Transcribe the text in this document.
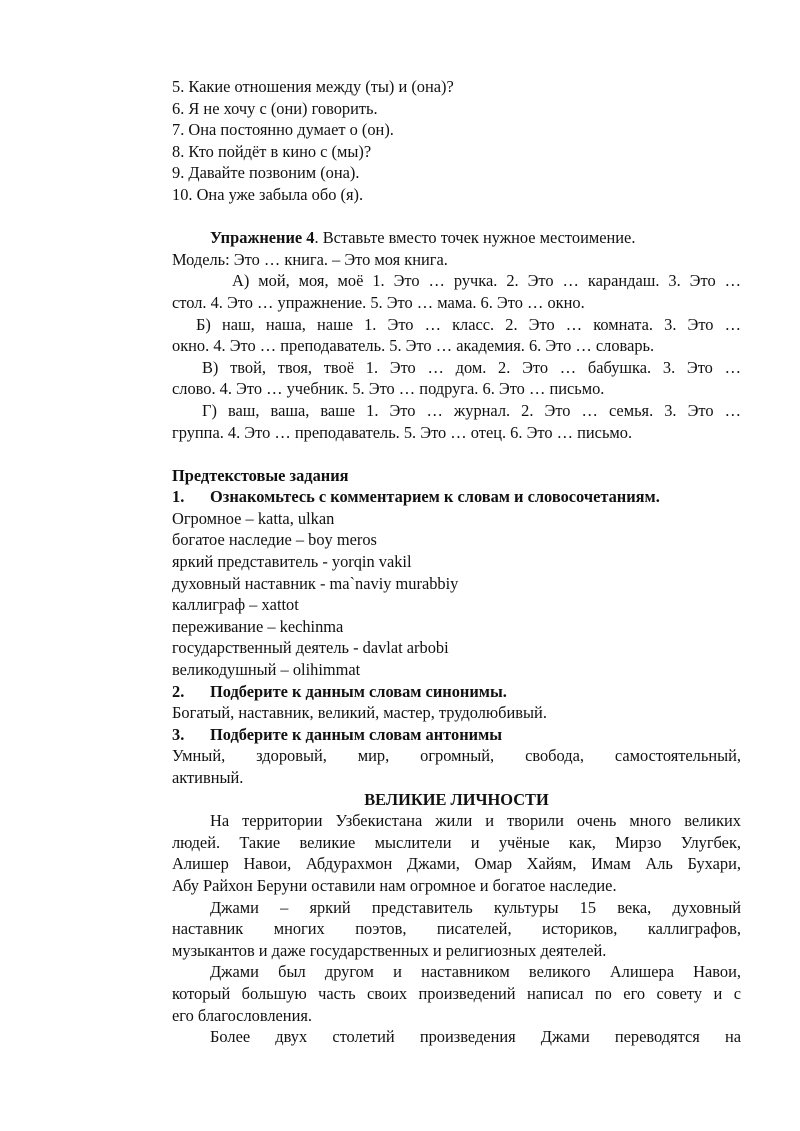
5. Какие отношения между (ты) и (она)?
6. Я не хочу с (они) говорить.
7. Она постоянно думает о (он).
8. Кто пойдёт в кино с (мы)?
9. Давайте позвоним (она).
10. Она уже забыла обо (я).
Упражнение 4. Вставьте вместо точек нужное местоимение.
Модель: Это … книга. – Это моя книга.
А) мой, моя, моё 1. Это … ручка. 2. Это … карандаш. 3. Это …
стол. 4. Это … упражнение. 5. Это … мама. 6. Это … окно.
Б) наш, наша, наше 1. Это … класс. 2. Это … комната. 3. Это …
окно. 4. Это … преподаватель. 5. Это … академия. 6. Это … словарь.
В) твой, твоя, твоё 1. Это … дом. 2. Это … бабушка. 3. Это …
слово. 4. Это … учебник. 5. Это … подруга. 6. Это … письмо.
Г) ваш, ваша, ваше 1. Это … журнал. 2. Это … семья. 3. Это …
группа. 4. Это … преподаватель. 5. Это … отец. 6. Это … письмо.
Предтекстовые задания
1. Ознакомьтесь с комментарием к словам и словосочетаниям.
Огромное – katta, ulkan
богатое наследие – boy meros
яркий представитель - yorqin vakil
духовный наставник - ma`naviy murabbiy
каллиграф – xattot
переживание – kechinma
государственный деятель - davlat arbobi
великодушный – olihimmat
2. Подберите к данным словам синонимы.
Богатый, наставник, великий, мастер, трудолюбивый.
3. Подберите к данным словам антонимы
Умный, здоровый, мир, огромный, свобода, самостоятельный,
активный.
ВЕЛИКИЕ ЛИЧНОСТИ
На территории Узбекистана жили и творили очень много великих
людей. Такие великие мыслители и учёные как, Мирзо Улугбек,
Алишер Навои, Абдурахмон Джами, Омар Хайям, Имам Аль Бухари,
Абу Райхон Беруни оставили нам огромное и богатое наследие.
Джами – яркий представитель культуры 15 века, духовный
наставник многих поэтов, писателей, историков, каллиграфов,
музыкантов и даже государственных и религиозных деятелей.
Джами был другом и наставником великого Алишера Навои,
который большую часть своих произведений написал по его совету и с
его благословления.
Более двух столетий произведения Джами переводятся на
